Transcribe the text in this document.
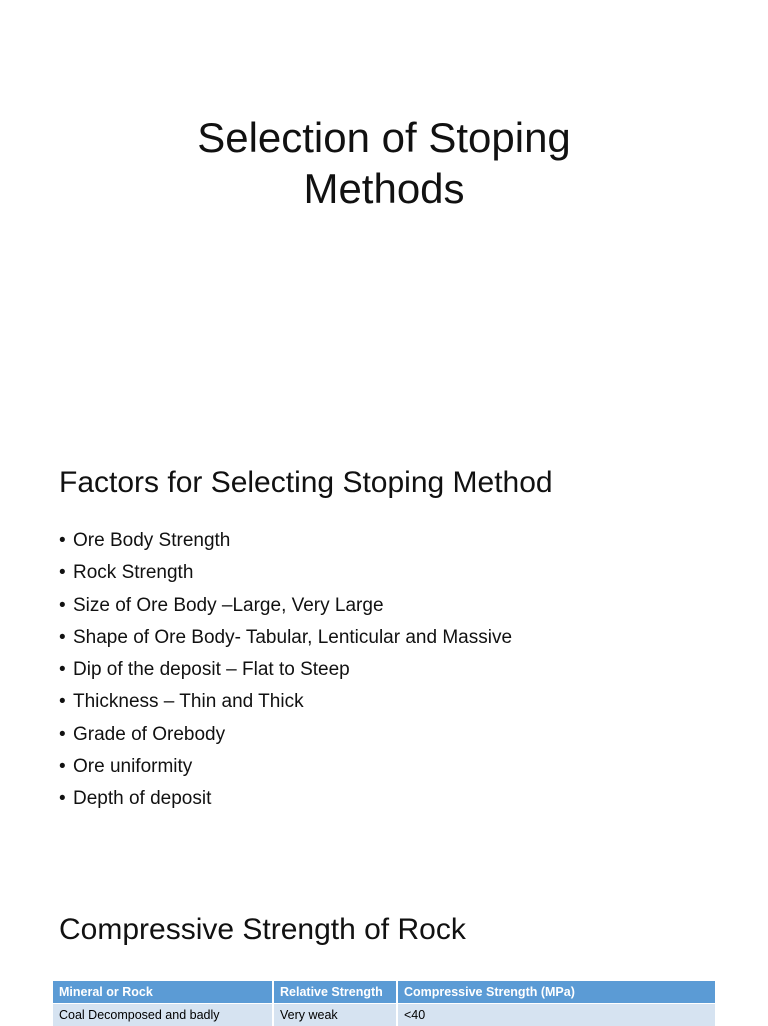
Selection of Stoping
Methods
Factors for Selecting Stoping Method
• Ore Body Strength
• Rock Strength
• Size of Ore Body –Large, Very Large
• Shape of Ore Body- Tabular, Lenticular and Massive
• Dip of the deposit – Flat to Steep
• Thickness – Thin and Thick
• Grade of Orebody
• Ore uniformity
• Depth of deposit
Compressive Strength of Rock
Mineral or Rock	Relative Strength	Compressive Strength (MPa)
Coal Decomposed and badly	Very weak	<40
